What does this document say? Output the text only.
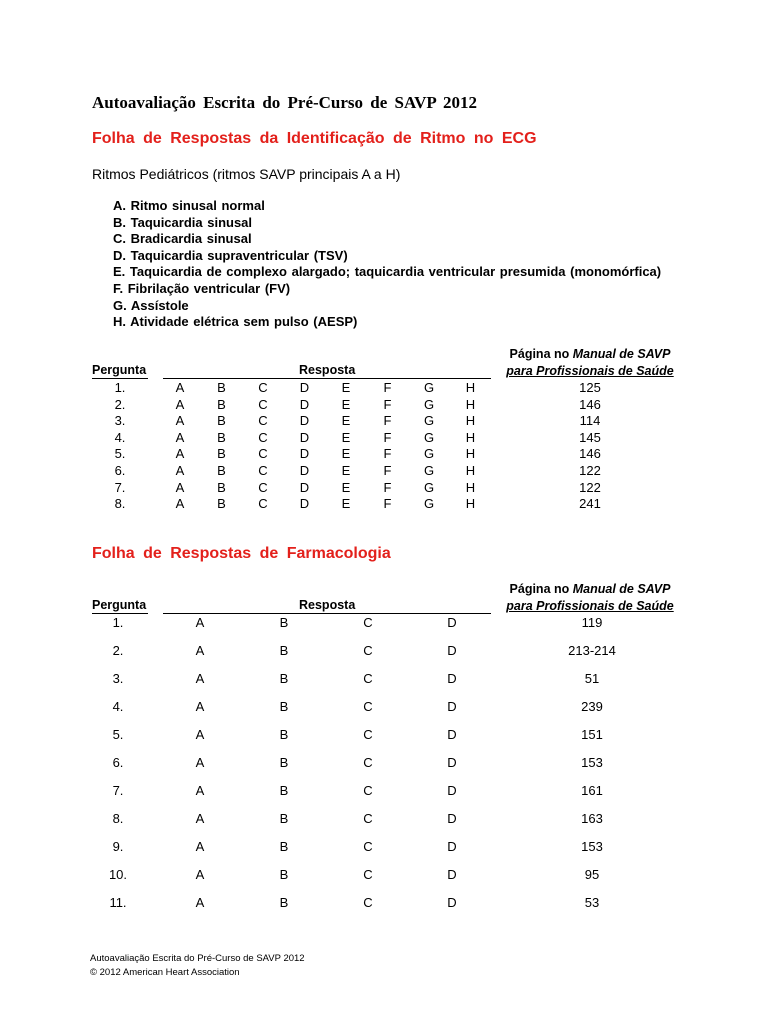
Autoavaliação Escrita do Pré-Curso de SAVP 2012
Folha de Respostas da Identificação de Ritmo no ECG

Ritmos Pediátricos (ritmos SAVP principais A a H)

A. Ritmo sinusal normal
B. Taquicardia sinusal
C. Bradicardia sinusal
D. Taquicardia supraventricular (TSV)
E. Taquicardia de complexo alargado; taquicardia ventricular presumida (monomórfica)
F. Fibrilação ventricular (FV)
G. Assístole
H. Atividade elétrica sem pulso (AESP)
Pergunta	Resposta
Página no Manual de SAVP
para Profissionais de Saúde
1.	A	B	C	D	E	F	G	H	125
2.	A	B	C	D	E	F	G	H	146
3.	A	B	C	D	E	F	G	H	114
4.	A	B	C	D	E	F	G	H	145
5.	A	B	C	D	E	F	G	H	146
6.	A	B	C	D	E	F	G	H	122
7.	A	B	C	D	E	F	G	H	122
8.	A	B	C	D	E	F	G	H	241
Folha de Respostas de Farmacologia
Pergunta	Resposta
Página no Manual de SAVP
para Profissionais de Saúde
1.	A	B	C	D	119
2.	A	B	C	D	213-214
3.	A	B	C	D	51
4.	A	B	C	D	239
5.	A	B	C	D	151
6.	A	B	C	D	153
7.	A	B	C	D	161
8.	A	B	C	D	163
9.	A	B	C	D	153
10.	A	B	C	D	95
11.	A	B	C	D	53
Autoavaliação Escrita do Pré-Curso de SAVP 2012
© 2012 American Heart Association
